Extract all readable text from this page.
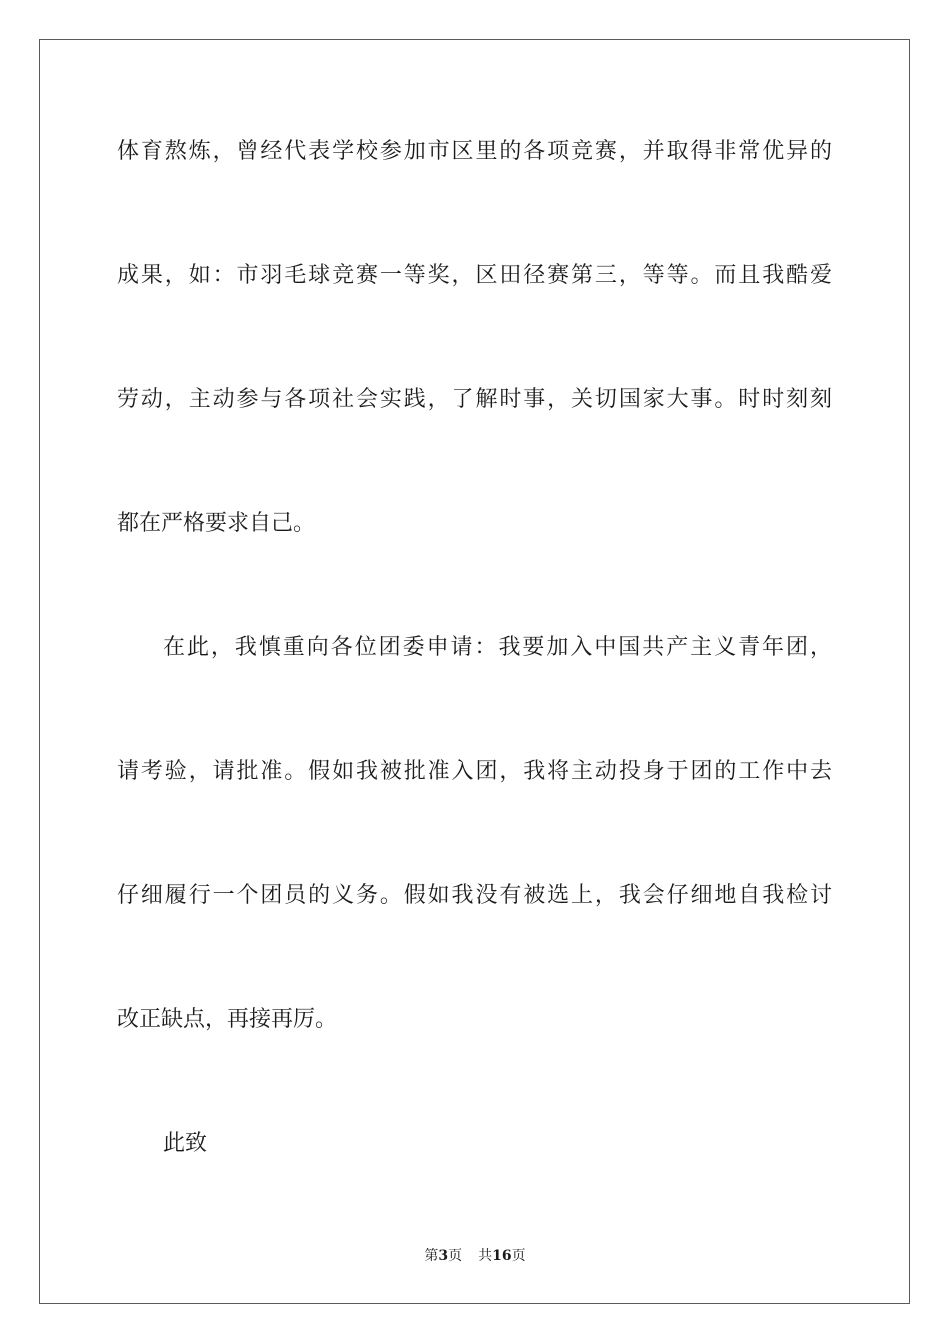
体育熬炼，曾经代表学校参加市区里的各项竞赛，并取得非常优异的
成果，如：市羽毛球竞赛一等奖，区田径赛第三，等等。而且我酷爱
劳动，主动参与各项社会实践，了解时事，关切国家大事。时时刻刻
都在严格要求自己。
在此，我慎重向各位团委申请：我要加入中国共产主义青年团，
请考验，请批准。假如我被批准入团，我将主动投身于团的工作中去
仔细履行一个团员的义务。假如我没有被选上，我会仔细地自我检讨
改正缺点，再接再厉。
此致
第3页 共16页
